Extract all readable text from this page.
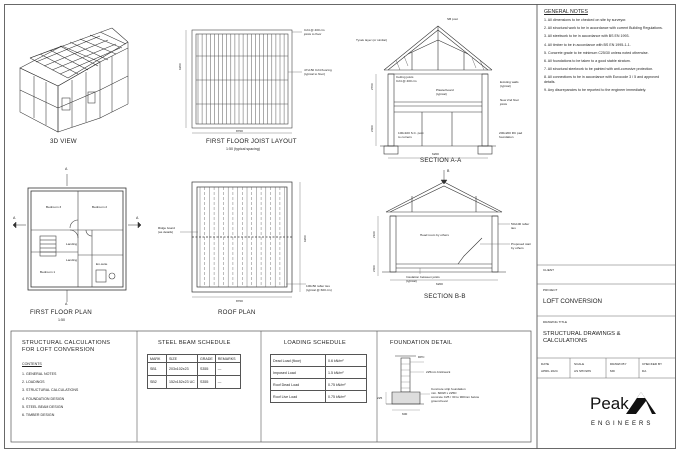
3D VIEW	FIRST FLOOR JOIST LAYOUT
1:50 (typical spacing)
8700
6200
C24 @ 400 crs
joists to floor
47x150 C24 flooring
(typical to floor)
SECTION A-A
SB post
Tyvek layer (or similar)
Ceiling joists
C24 @ 400 crs
Plasterboard
(typical)
Existing walls
(typical)
New 2nd floor
joists
100x100 S.C. post
to corners
200x200 RC pad
foundation
2700
2400
6200
FIRST FLOOR PLAN
1:50
Bedroom 3	Bedroom 2
Landing
Bedroom 1
En-suite
Landing
A
A
A	A
ROOF PLAN
Ridge board
(as details)
100x50 rafter ties
(typical @ 600 crs)
8700
6200
SECTION B-B
B
Head room by others
50x100 rafter
ties
Proposed stair
by others
Insulation between joists
(typical)
2100
2400
6200
GENERAL NOTES
1. All dimensions to be checked on site by surveyor.
2. All structural work to be in accordance with current Building Regulations.
3. All steelwork to be in accordance with BS EN 1993.
4. All timber to be in accordance with BS EN 1995-1-1.
5. Concrete grade to be minimum C25/30 unless noted otherwise.
6. All foundations to be taken to a good stable stratum.
7. All structural steelwork to be painted with anti-corrosive protection.
8. All connections to be in accordance with Eurocode 3 / 5 and approved details.
9. Any discrepancies to be reported to the engineer immediately.
CLIENT
PROJECT
LOFT CONVERSION
DRAWING TITLE
STRUCTURAL DRAWINGS & CALCULATIONS
DATE	SCALE	DRAWN BY	CHECKED BY
APRIL 2024	AS SHOWN	MD	DA
Peak
ENGINEERS
STRUCTURAL CALCULATIONS
FOR LOFT CONVERSION
CONTENTS
1. GENERAL NOTES
2. LOADINGS
3. STRUCTURAL CALCULATIONS
4. FOUNDATION DESIGN
5. STEEL BEAM DESIGN
6. TIMBER DESIGN
STEEL BEAM SCHEDULE
MARK	SIZE	GRADE	REMARKS
SB1	203x102x23	S355	—
SB2	152x152x23 UC	S355	—
LOADING SCHEDULE
Dead Load (floor)	0.6 kN/m²
Imposed Load	1.5 kN/m²
Roof Dead Load	0.75 kN/m²
Roof Live Load	0.75 kN/m²
FOUNDATION DETAIL
DPC
225mm brickwork
Concrete strip foundation
min. 600W x 225D
concrete C25 / 30 to 900mm below
ground level
225
600
